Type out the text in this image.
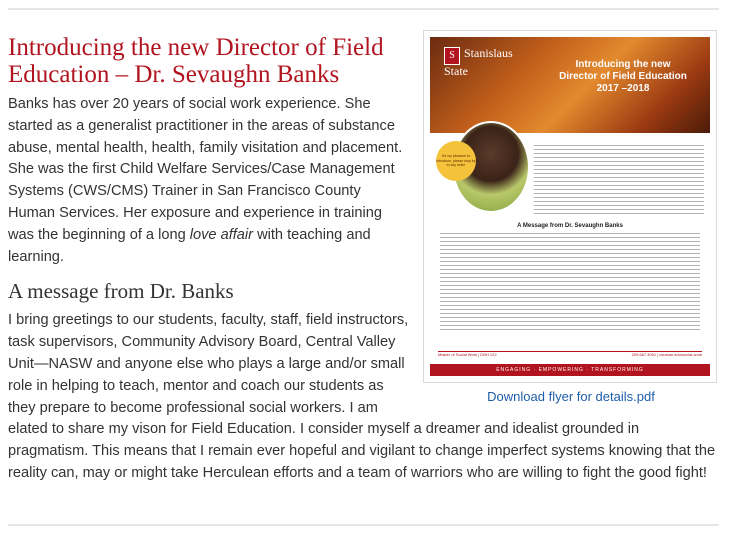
S Stanislaus
State	Introducing the new
Director of Field Education
2017 –2018
It's my pleasure to introduce, please stop by to say hello!
A Message from Dr. Sevaughn Banks
Master of Social Work | DBH 122	209.667.3091 | csustan.edu/social-work
ENGAGING · EMPOWERING · TRANSFORMING
Download flyer for details.pdf
Introducing the new Director of Field Education – Dr. Sevaughn Banks

Banks has over 20 years of social work experience. She started as a generalist practitioner in the areas of substance abuse, mental health, health, family visitation and placement. She was the first Child Welfare Services/Case Management Systems (CWS/CMS) Trainer in San Francisco County Human Services. Her exposure and experience in training was the beginning of a long love affair with teaching and learning.

A message from Dr. Banks

I bring greetings to our students, faculty, staff, field instructors, task supervisors, Community Advisory Board, Central Valley Unit—NASW and anyone else who plays a large and/or small role in helping to teach, mentor and coach our students as they prepare to become professional social workers. I am elated to share my vison for Field Education. I consider myself a dreamer and idealist grounded in pragmatism. This means that I remain ever hopeful and vigilant to change imperfect systems knowing that the reality can, may or might take Herculean efforts and a team of warriors who are willing to fight the good fight!
